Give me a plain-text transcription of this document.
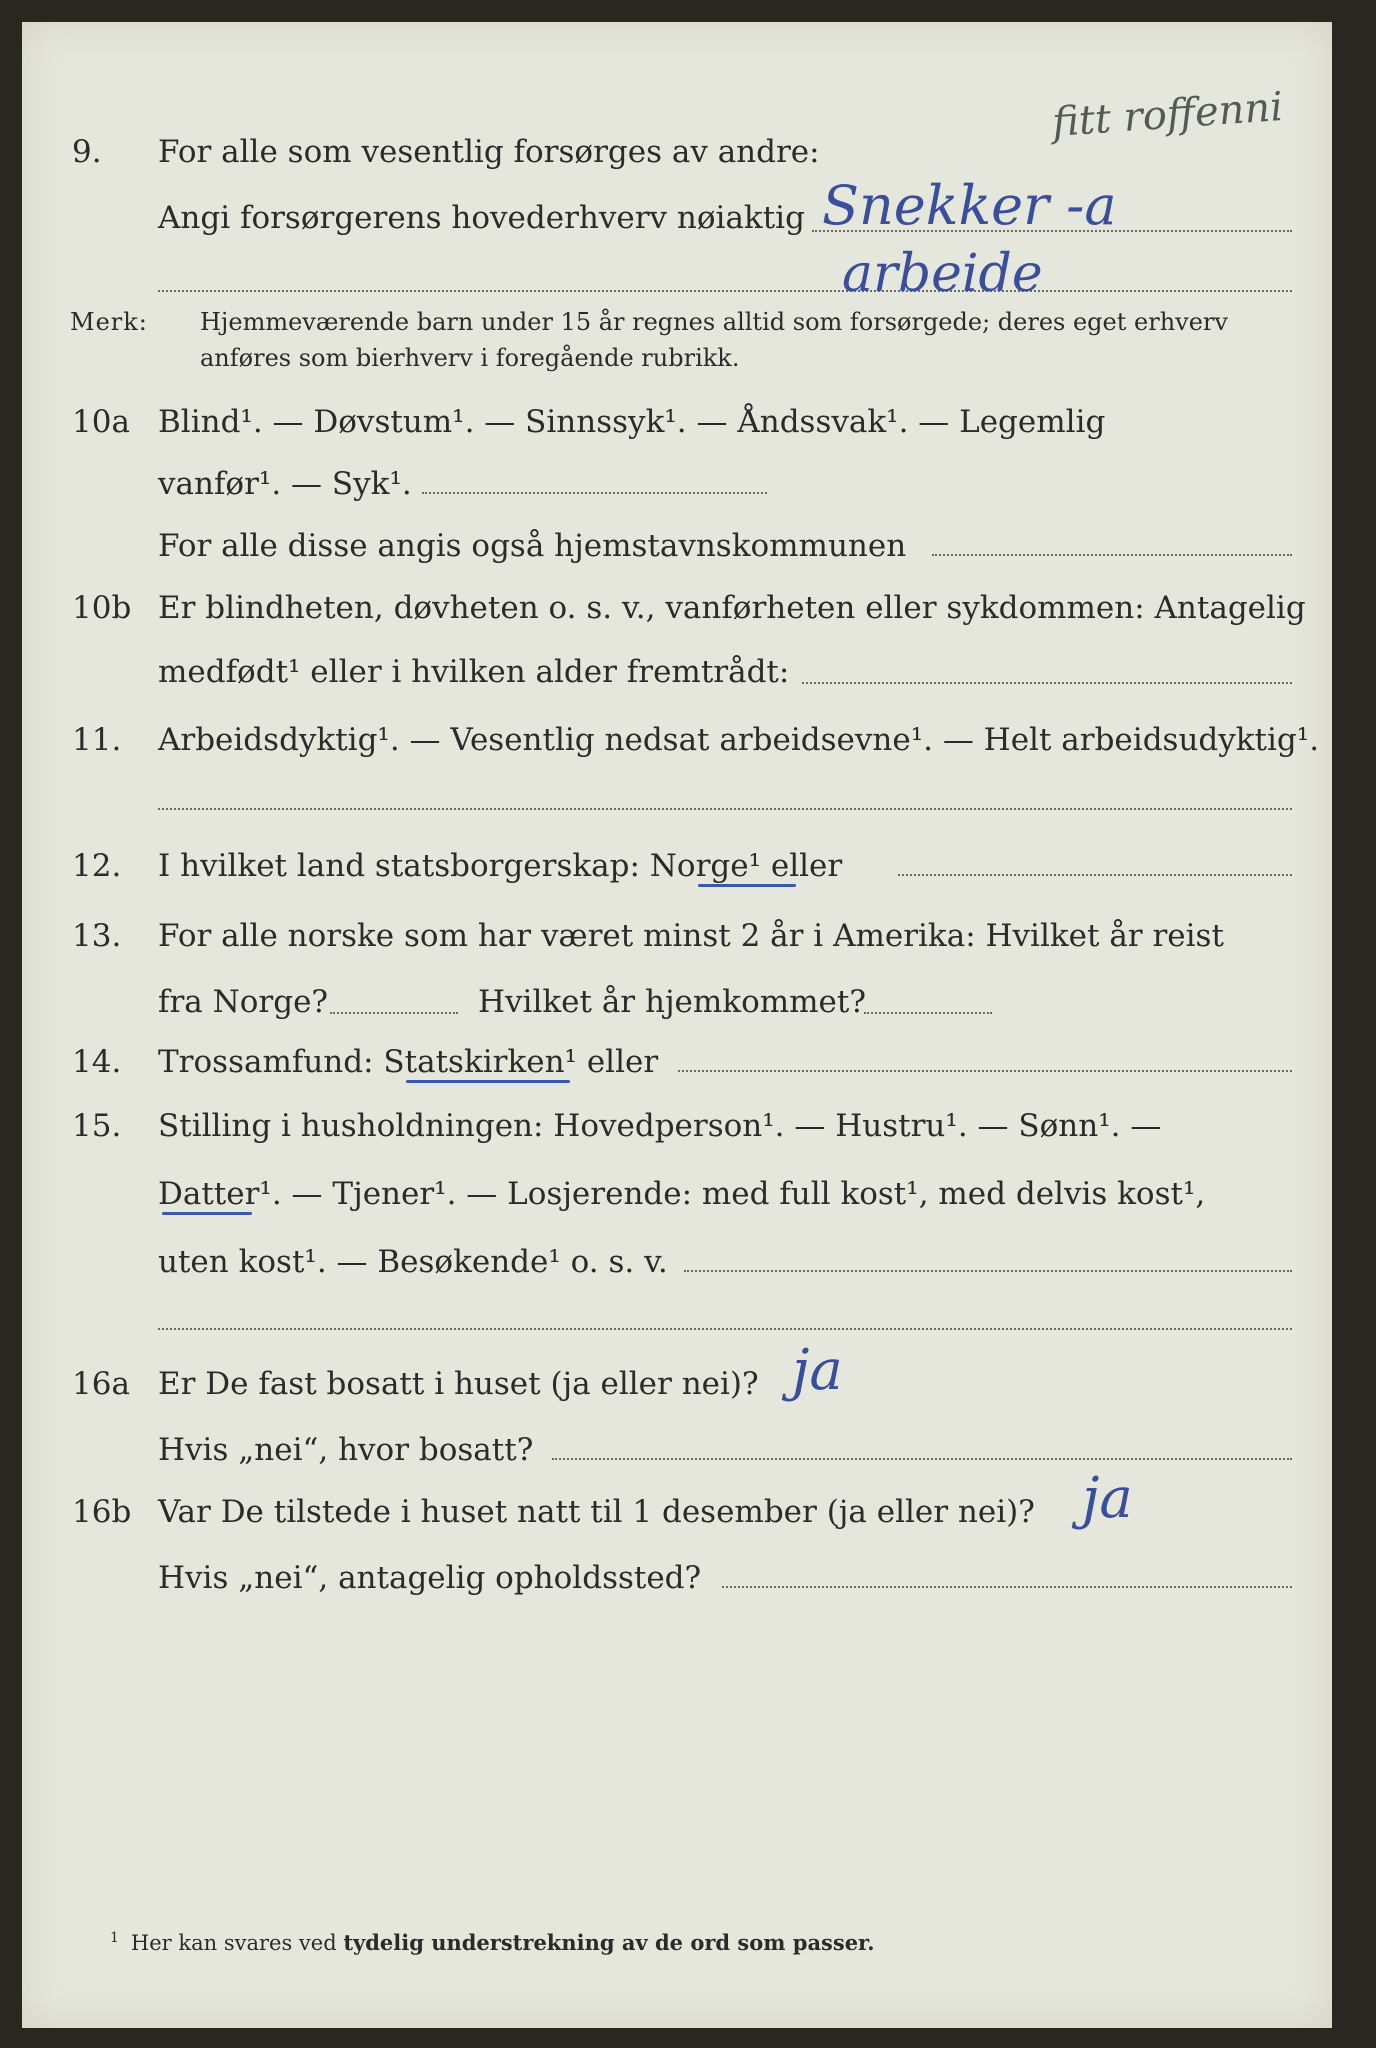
fitt roffenni
9. For alle som vesentlig forsørges av andre:
Angi forsørgerens hovederhverv nøiaktig Snekker -a
arbeide
Merk: Hjemmeværende barn under 15 år regnes alltid som forsørgede; deres eget erhverv
anføres som bierhverv i foregående rubrikk.
10a Blind¹. — Døvstum¹. — Sinnssyk¹. — Åndssvak¹. — Legemlig
vanfør¹. — Syk¹.
For alle disse angis også hjemstavnskommunen
10b Er blindheten, døvheten o. s. v., vanførheten eller sykdommen: Antagelig
medfødt¹ eller i hvilken alder fremtrådt:
11. Arbeidsdyktig¹. — Vesentlig nedsat arbeidsevne¹. — Helt arbeidsudyktig¹.
12. I hvilket land statsborgerskap: Norge¹ eller
13. For alle norske som har været minst 2 år i Amerika: Hvilket år reist
fra Norge?	Hvilket år hjemkommet?
14. Trossamfund: Statskirken¹ eller
15. Stilling i husholdningen: Hovedperson¹. — Hustru¹. — Sønn¹. —
Datter¹. — Tjener¹. — Losjerende: med full kost¹, med delvis kost¹,
uten kost¹. — Besøkende¹ o. s. v.
16a Er De fast bosatt i huset (ja eller nei)? ja
Hvis „nei“, hvor bosatt?
16b Var De tilstede i huset natt til 1 desember (ja eller nei)? ja
Hvis „nei“, antagelig opholdssted?
$^1$ Her kan svares ved tydelig understrekning av de ord som passer.
